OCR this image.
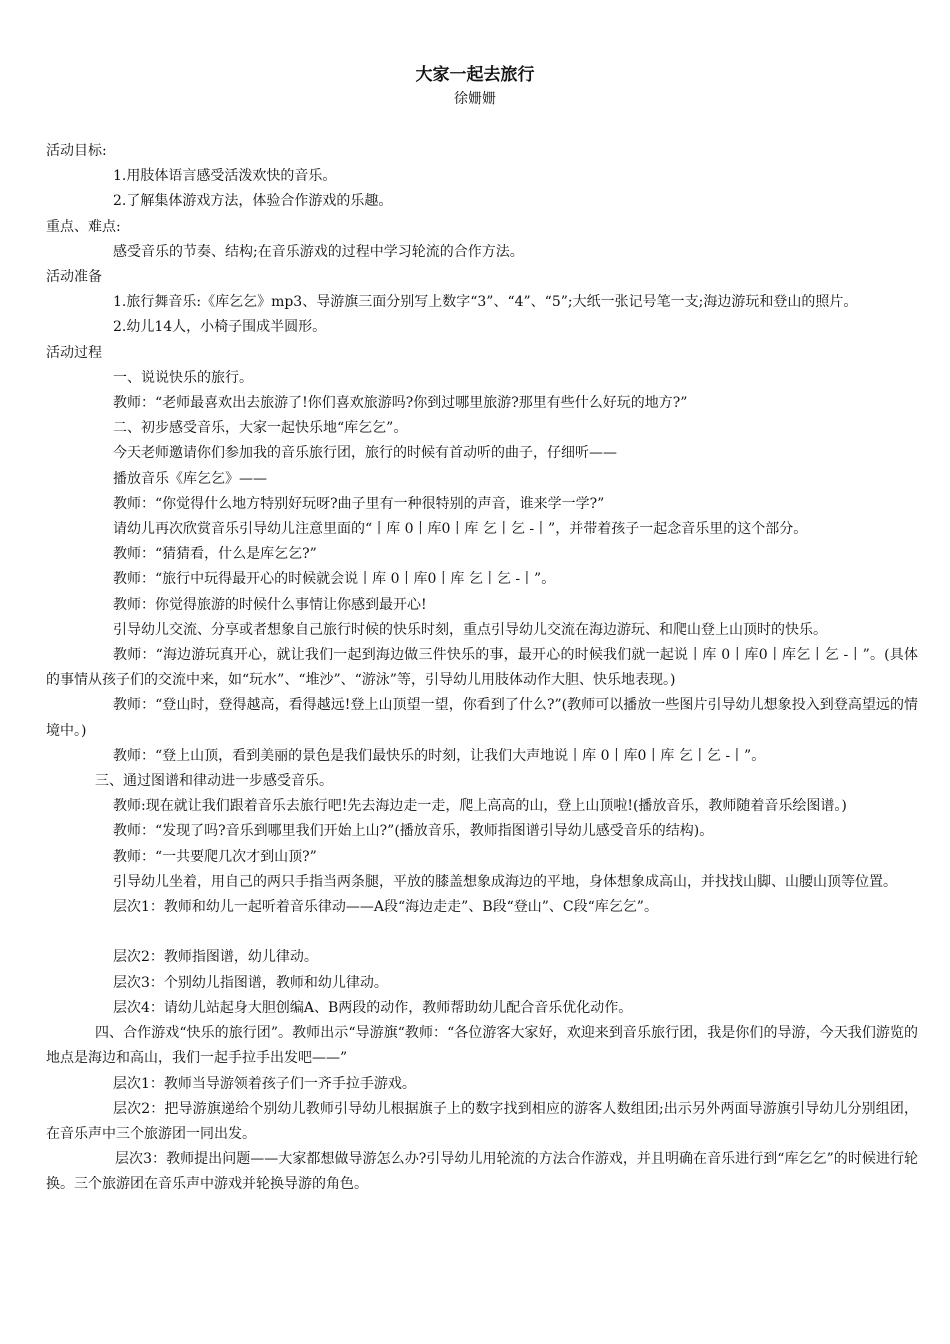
大家一起去旅行
徐姗姗
活动目标:
1.用肢体语言感受活泼欢快的音乐。
2.了解集体游戏方法，体验合作游戏的乐趣。
重点、难点:
感受音乐的节奏、结构;在音乐游戏的过程中学习轮流的合作方法。
活动准备
1.旅行舞音乐:《库乞乞》mp3、导游旗三面分别写上数字“3”、“4”、“5”;大纸一张记号笔一支;海边游玩和登山的照片。
2.幼儿14人，小椅子围成半圆形。
活动过程
一、说说快乐的旅行。
教师：“老师最喜欢出去旅游了!你们喜欢旅游吗?你到过哪里旅游?那里有些什么好玩的地方?”
二、初步感受音乐，大家一起快乐地“库乞乞”。
今天老师邀请你们参加我的音乐旅行团，旅行的时候有首动听的曲子，仔细听——
播放音乐《库乞乞》——
教师：“你觉得什么地方特别好玩呀?曲子里有一种很特别的声音，谁来学一学?”
请幼儿再次欣赏音乐引导幼儿注意里面的“丨库 0丨库0丨库 乞丨乞 -丨”，并带着孩子一起念音乐里的这个部分。
教师：“猜猜看，什么是库乞乞?”
教师：“旅行中玩得最开心的时候就会说丨库 0丨库0丨库 乞丨乞 -丨”。
教师：你觉得旅游的时候什么事情让你感到最开心!
引导幼儿交流、分享或者想象自己旅行时候的快乐时刻，重点引导幼儿交流在海边游玩、和爬山登上山顶时的快乐。
教师：“海边游玩真开心，就让我们一起到海边做三件快乐的事，最开心的时候我们就一起说丨库 0丨库0丨库乞丨乞 -丨”。(具体的事情从孩子们的交流中来，如“玩水”、“堆沙”、“游泳”等，引导幼儿用肢体动作大胆、快乐地表现。)
教师：“登山时，登得越高，看得越远!登上山顶望一望，你看到了什么?”(教师可以播放一些图片引导幼儿想象投入到登高望远的情境中。)
教师：“登上山顶，看到美丽的景色是我们最快乐的时刻，让我们大声地说丨库 0丨库0丨库 乞丨乞 -丨”。
三、通过图谱和律动进一步感受音乐。
教师:现在就让我们跟着音乐去旅行吧!先去海边走一走，爬上高高的山，登上山顶啦!(播放音乐，教师随着音乐绘图谱。)
教师：“发现了吗?音乐到哪里我们开始上山?”(播放音乐，教师指图谱引导幼儿感受音乐的结构)。
教师：“一共要爬几次才到山顶?”
引导幼儿坐着，用自己的两只手指当两条腿，平放的膝盖想象成海边的平地，身体想象成高山，并找找山脚、山腰山顶等位置。
层次1：教师和幼儿一起听着音乐律动——A段“海边走走”、B段“登山”、C段“库乞乞”。
层次2：教师指图谱，幼儿律动。
层次3：个别幼儿指图谱，教师和幼儿律动。
层次4：请幼儿站起身大胆创编A、B两段的动作，教师帮助幼儿配合音乐优化动作。
四、合作游戏“快乐的旅行团”。教师出示“导游旗“教师：“各位游客大家好，欢迎来到音乐旅行团，我是你们的导游，今天我们游览的地点是海边和高山，我们一起手拉手出发吧——”
层次1：教师当导游领着孩子们一齐手拉手游戏。
层次2：把导游旗递给个别幼儿教师引导幼儿根据旗子上的数字找到相应的游客人数组团;出示另外两面导游旗引导幼儿分别组团，在音乐声中三个旅游团一同出发。
层次3：教师提出问题——大家都想做导游怎么办?引导幼儿用轮流的方法合作游戏，并且明确在音乐进行到“库乞乞”的时候进行轮换。三个旅游团在音乐声中游戏并轮换导游的角色。
